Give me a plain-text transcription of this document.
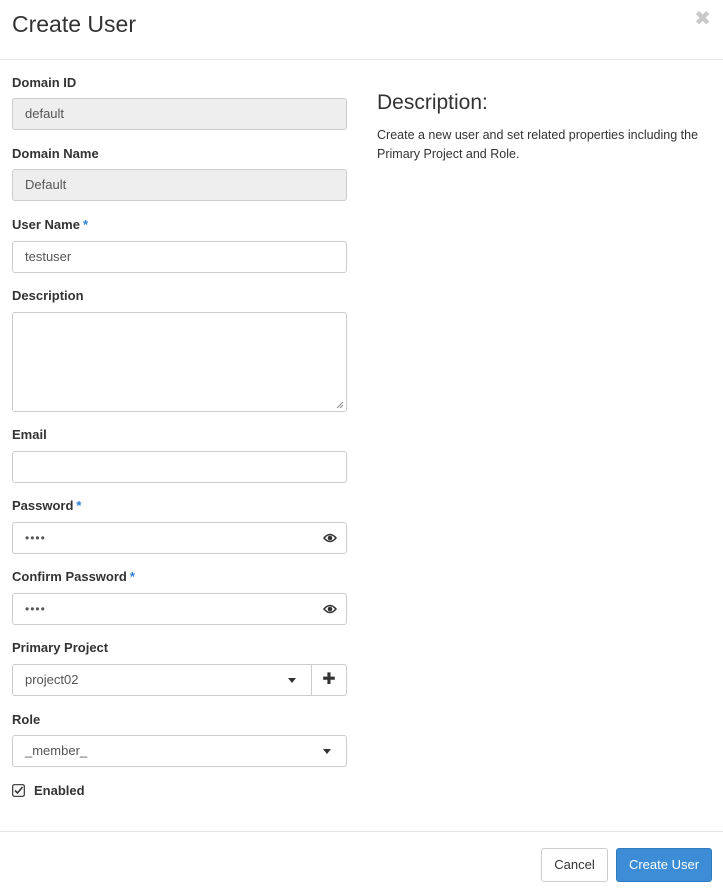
Create User	✖
Domain ID
default
Domain Name
Default
User Name *
testuser
Description
Email
Password *
••••
Confirm Password *
••••
Primary Project
project02	✚
Role
_member_
Enabled
Description:
Create a new user and set related properties including the Primary Project and Role.
Cancel	Create User
